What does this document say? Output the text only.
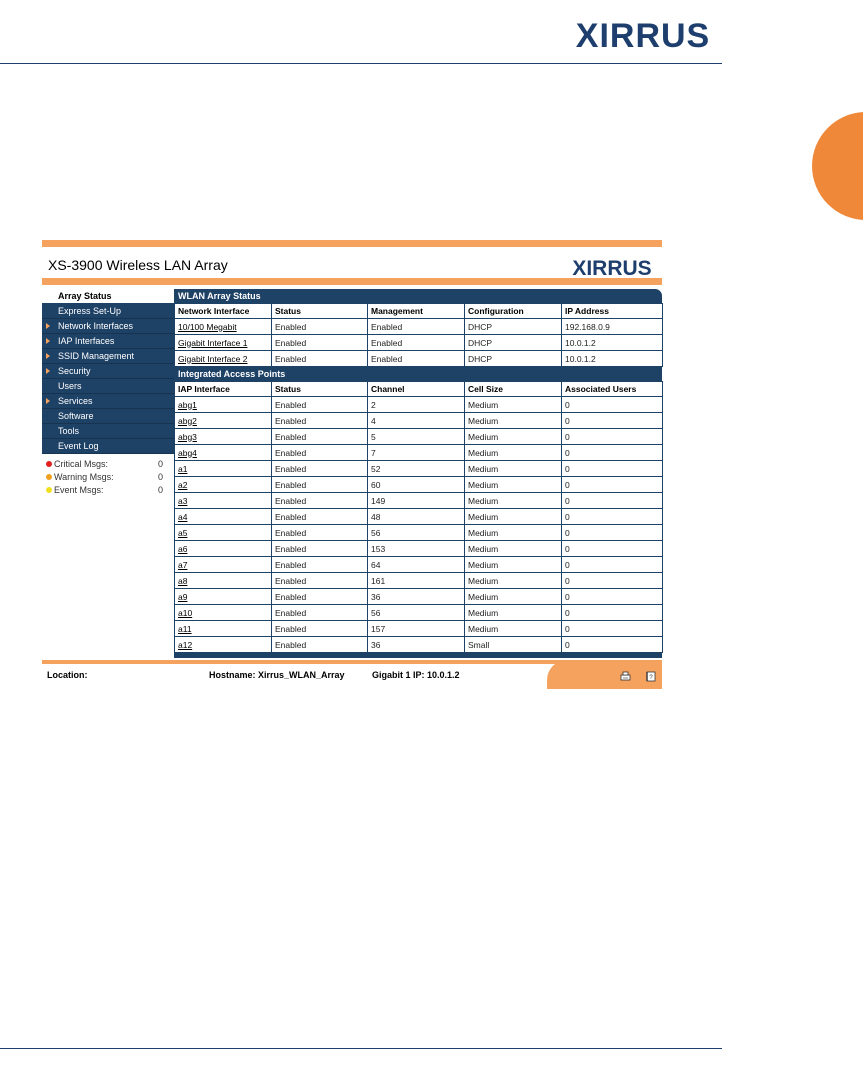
XIRRUS
XS-3900 Wireless LAN Array	XIRRUS
Array Status
Express Set-Up
Network Interfaces
IAP Interfaces
SSID Management
Security
Users
Services
Software
Tools
Event Log
Critical Msgs:	0
Warning Msgs:	0
Event Msgs:	0
WLAN Array Status
Network Interface	Status	Management	Configuration	IP Address
10/100 Megabit	Enabled	Enabled	DHCP	192.168.0.9
Gigabit Interface 1	Enabled	Enabled	DHCP	10.0.1.2
Gigabit Interface 2	Enabled	Enabled	DHCP	10.0.1.2
Integrated Access Points
IAP Interface	Status	Channel	Cell Size	Associated Users
abg1	Enabled	2	Medium	0
abg2	Enabled	4	Medium	0
abg3	Enabled	5	Medium	0
abg4	Enabled	7	Medium	0
a1	Enabled	52	Medium	0
a2	Enabled	60	Medium	0
a3	Enabled	149	Medium	0
a4	Enabled	48	Medium	0
a5	Enabled	56	Medium	0
a6	Enabled	153	Medium	0
a7	Enabled	64	Medium	0
a8	Enabled	161	Medium	0
a9	Enabled	36	Medium	0
a10	Enabled	56	Medium	0
a11	Enabled	157	Medium	0
a12	Enabled	36	Small	0
Location:	Hostname: Xirrus_WLAN_Array	Gigabit 1 IP: 10.0.1.2	?
